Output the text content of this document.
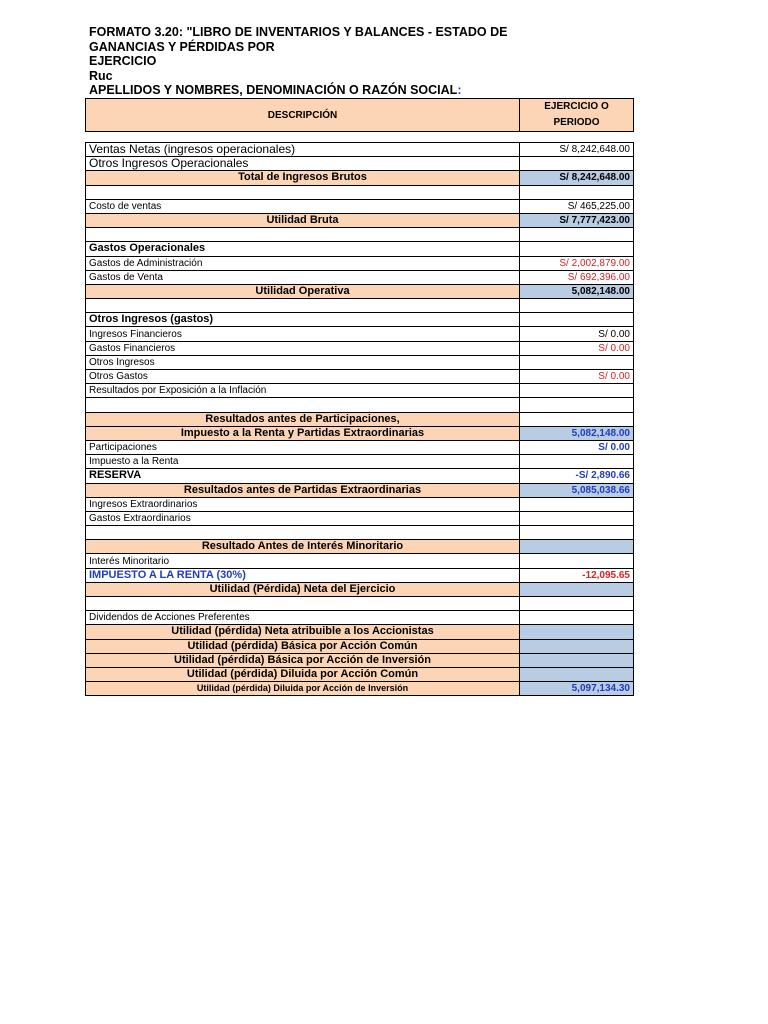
FORMATO 3.20: "LIBRO DE INVENTARIOS Y BALANCES - ESTADO DE
GANANCIAS Y PÉRDIDAS POR
EJERCICIO
Ruc
APELLIDOS Y NOMBRES, DENOMINACIÓN O RAZÓN SOCIAL:
DESCRIPCIÓN	EJERCICIO O PERIODO
Ventas Netas (ingresos operacionales)	S/ 8,242,648.00
Otros Ingresos Operacionales	
Total de Ingresos Brutos	S/ 8,242,648.00

Costo de ventas	S/ 465,225.00
Utilidad Bruta	S/ 7,777,423.00

Gastos Operacionales	
Gastos de Administración	S/ 2,002,879.00
Gastos de Venta	S/ 692,396.00
Utilidad Operativa	5,082,148.00

Otros Ingresos (gastos)	
Ingresos Financieros	S/ 0.00
Gastos Financieros	S/ 0.00
Otros Ingresos	
Otros Gastos	S/ 0.00
Resultados por Exposición a la Inflación	

Resultados antes de Participaciones,	
Impuesto a la Renta y Partidas Extraordinarias	5,082,148.00
Participaciones	S/ 0.00
Impuesto a la Renta	
RESERVA	-S/ 2,890.66
Resultados antes de Partidas Extraordinarias	5,085,038.66
Ingresos Extraordinarios	
Gastos Extraordinarios	

Resultado Antes de Interés Minoritario	
Interés Minoritario	
IMPUESTO A LA RENTA (30%)	-12,095.65
Utilidad (Pérdida) Neta del Ejercicio	

Dividendos de Acciones Preferentes	
Utilidad (pérdida) Neta atribuible a los Accionistas	
Utilidad (pérdida) Básica por Acción Común	
Utilidad (pérdida) Básica por Acción de Inversión	
Utilidad (pérdida) Diluida por Acción Común	
Utilidad (pérdida) Diluida por Acción de Inversión	5,097,134.30
